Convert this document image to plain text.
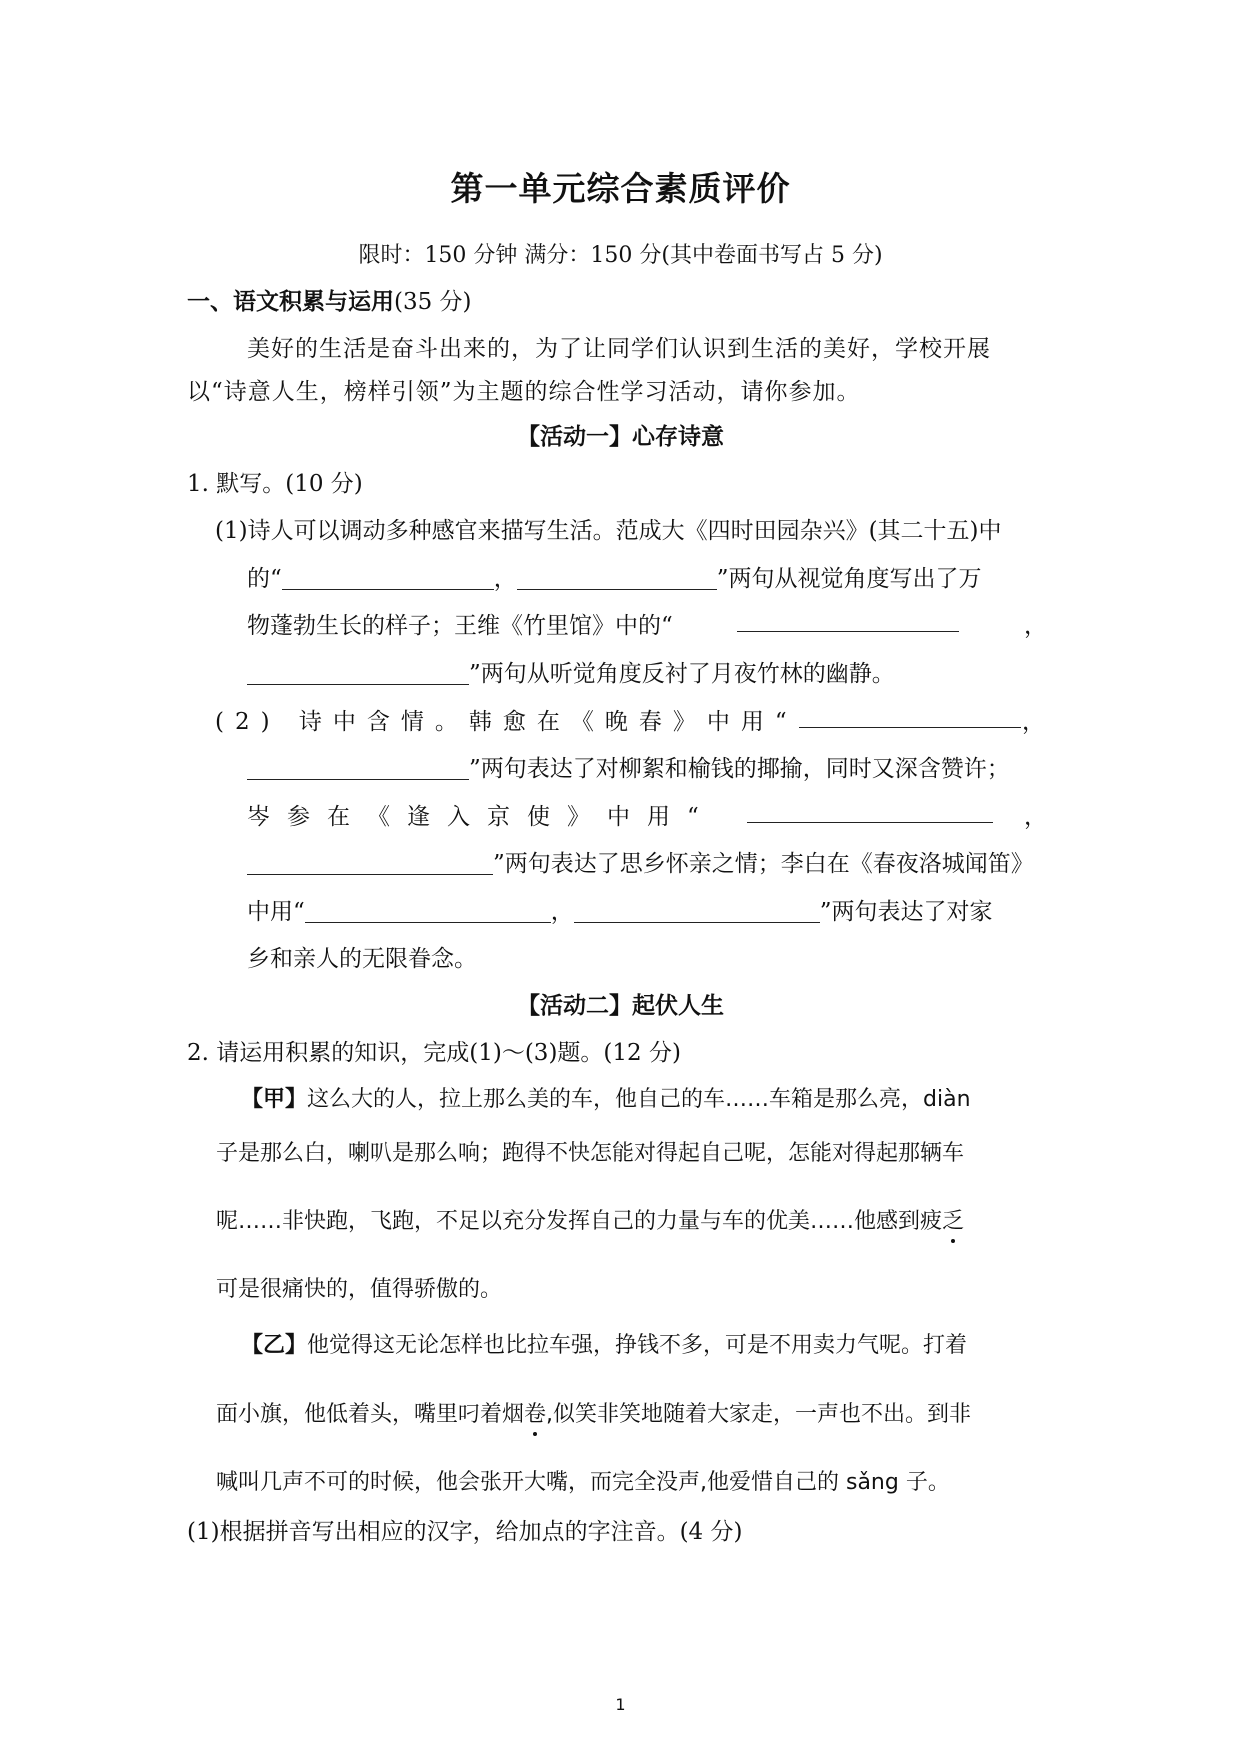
第一单元综合素质评价
限时：150 分钟 满分：150 分(其中卷面书写占 5 分)
一、语文积累与运用(35 分)
美好的生活是奋斗出来的，为了让同学们认识到生活的美好，学校开展
以“诗意人生，榜样引领”为主题的综合性学习活动，请你参加。
【活动一】心存诗意
1. 默写。(10 分)
(1)诗人可以调动多种感官来描写生活。范成大《四时田园杂兴》(其二十五)中
的“	，	”两句从视觉角度写出了万
物蓬勃生长的样子；王维《竹里馆》中的“	，
”两句从听觉角度反衬了月夜竹林的幽静。
(2) 诗中含情。韩愈在《晚春》中用“	，
”两句表达了对柳絮和榆钱的揶揄，同时又深含赞许；
岑参在《逢入京使》中用“	，
”两句表达了思乡怀亲之情；李白在《春夜洛城闻笛》
中用“	，	”两句表达了对家
乡和亲人的无限眷念。
【活动二】起伏人生
2. 请运用积累的知识，完成(1)～(3)题。(12 分)
【甲】这么大的人，拉上那么美的车，他自己的车……车箱是那么亮，diàn
子是那么白，喇叭是那么响；跑得不快怎能对得起自己呢，怎能对得起那辆车
呢……非快跑，飞跑，不足以充分发挥自己的力量与车的优美……他感到疲乏
可是很痛快的，值得骄傲的。
【乙】他觉得这无论怎样也比拉车强，挣钱不多，可是不用卖力气呢。打着
面小旗，他低着头，嘴里叼着烟卷,似笑非笑地随着大家走，一声也不出。到非
喊叫几声不可的时候，他会张开大嘴，而完全没声,他爱惜自己的 sǎng 子。
(1)根据拼音写出相应的汉字，给加点的字注音。(4 分)
1
